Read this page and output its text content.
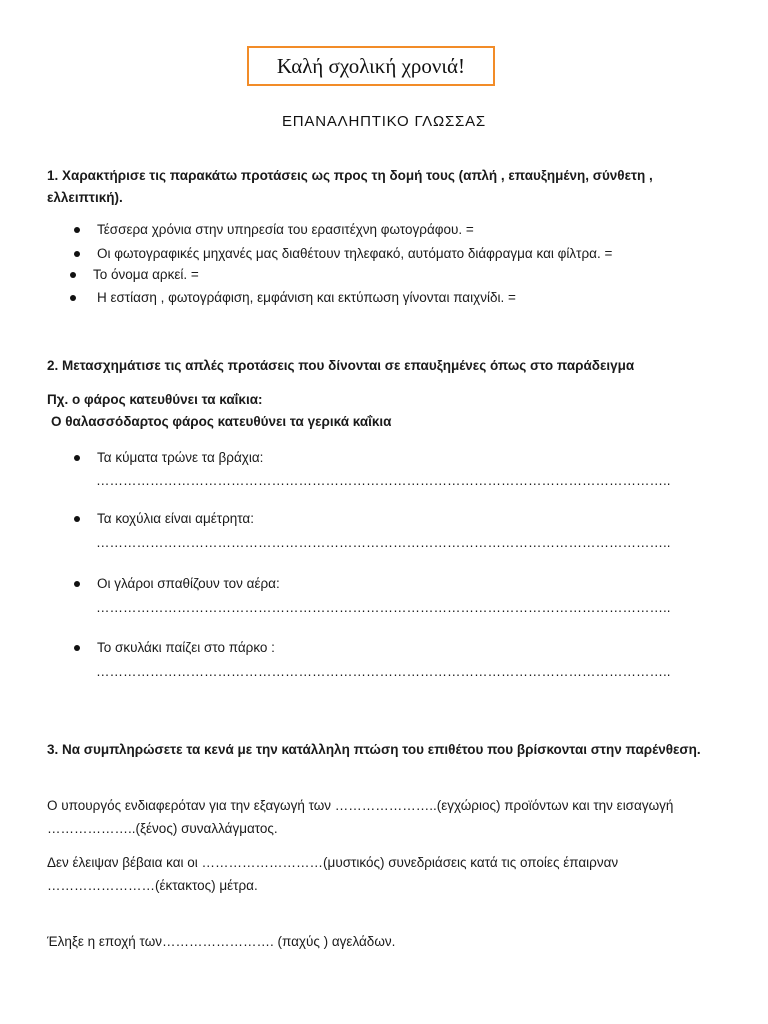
Καλή σχολική χρονιά!
ΕΠΑΝΑΛΗΠΤΙΚΟ ΓΛΩΣΣΑΣ
1. Χαρακτήρισε τις παρακάτω προτάσεις ως προς τη δομή τους (απλή , επαυξημένη, σύνθετη , ελλειπτική).
Τέσσερα χρόνια στην υπηρεσία του ερασιτέχνη φωτογράφου. =
Οι φωτογραφικές μηχανές μας διαθέτουν τηλεφακό, αυτόματο διάφραγμα και φίλτρα. =
Το όνομα αρκεί. =
Η εστίαση , φωτογράφιση, εμφάνιση και εκτύπωση γίνονται παιχνίδι. =
2. Μετασχημάτισε τις απλές προτάσεις που δίνονται σε επαυξημένες όπως στο παράδειγμα
Πχ. ο φάρος κατευθύνει τα καΐκια:
Ο θαλασσόδαρτος φάρος κατευθύνει τα γερικά καΐκια
Τα κύματα τρώνε τα βράχια:
………………………………………………………………………………………………………………..
Τα κοχύλια είναι αμέτρητα:
………………………………………………………………………………………………………………..
Οι γλάροι σπαθίζουν τον αέρα:
………………………………………………………………………………………………………………..
Το σκυλάκι παίζει στο πάρκο :
………………………………………………………………………………………………………………..
3. Να συμπληρώσετε τα κενά με την κατάλληλη πτώση του επιθέτου που βρίσκονται στην παρένθεση.
Ο υπουργός ενδιαφερόταν για την εξαγωγή των …………………..(εγχώριος) προϊόντων και την εισαγωγή ………………..(ξένος) συναλλάγματος.
Δεν έλειψαν βέβαια και οι ………………………(μυστικός) συνεδριάσεις κατά τις οποίες έπαιρναν ……………………(έκτακτος) μέτρα.
Έληξε η εποχή των……………………. (παχύς ) αγελάδων.
